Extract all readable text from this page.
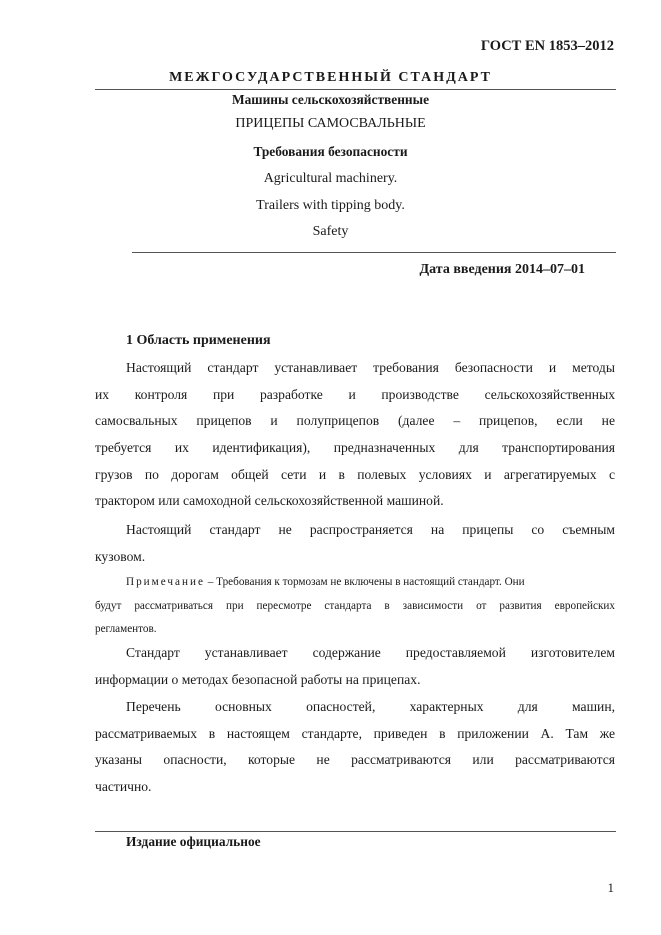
ГОСТ EN 1853–2012
МЕЖГОСУДАРСТВЕННЫЙ СТАНДАРТ
Машины сельскохозяйственные
ПРИЦЕПЫ САМОСВАЛЬНЫЕ
Требования безопасности
Agricultural machinery.
Trailers with tipping body.
Safety
Дата введения 2014–07–01
1 Область применения
Настоящий стандарт устанавливает требования безопасности и методы
их контроля при разработке и производстве сельскохозяйственных
самосвальных прицепов и полуприцепов (далее – прицепов, если не
требуется их идентификация), предназначенных для транспортирования
грузов по дорогам общей сети и в полевых условиях и агрегатируемых с
трактором или самоходной сельскохозяйственной машиной.
Настоящий стандарт не распространяется на прицепы со съемным
кузовом.
Примечание – Требования к тормозам не включены в настоящий стандарт. Они
будут рассматриваться при пересмотре стандарта в зависимости от развития европейских
регламентов.
Стандарт устанавливает содержание предоставляемой изготовителем
информации о методах безопасной работы на прицепах.
Перечень основных опасностей, характерных для машин,
рассматриваемых в настоящем стандарте, приведен в приложении А. Там же
указаны опасности, которые не рассматриваются или рассматриваются
частично.
Издание официальное
1
